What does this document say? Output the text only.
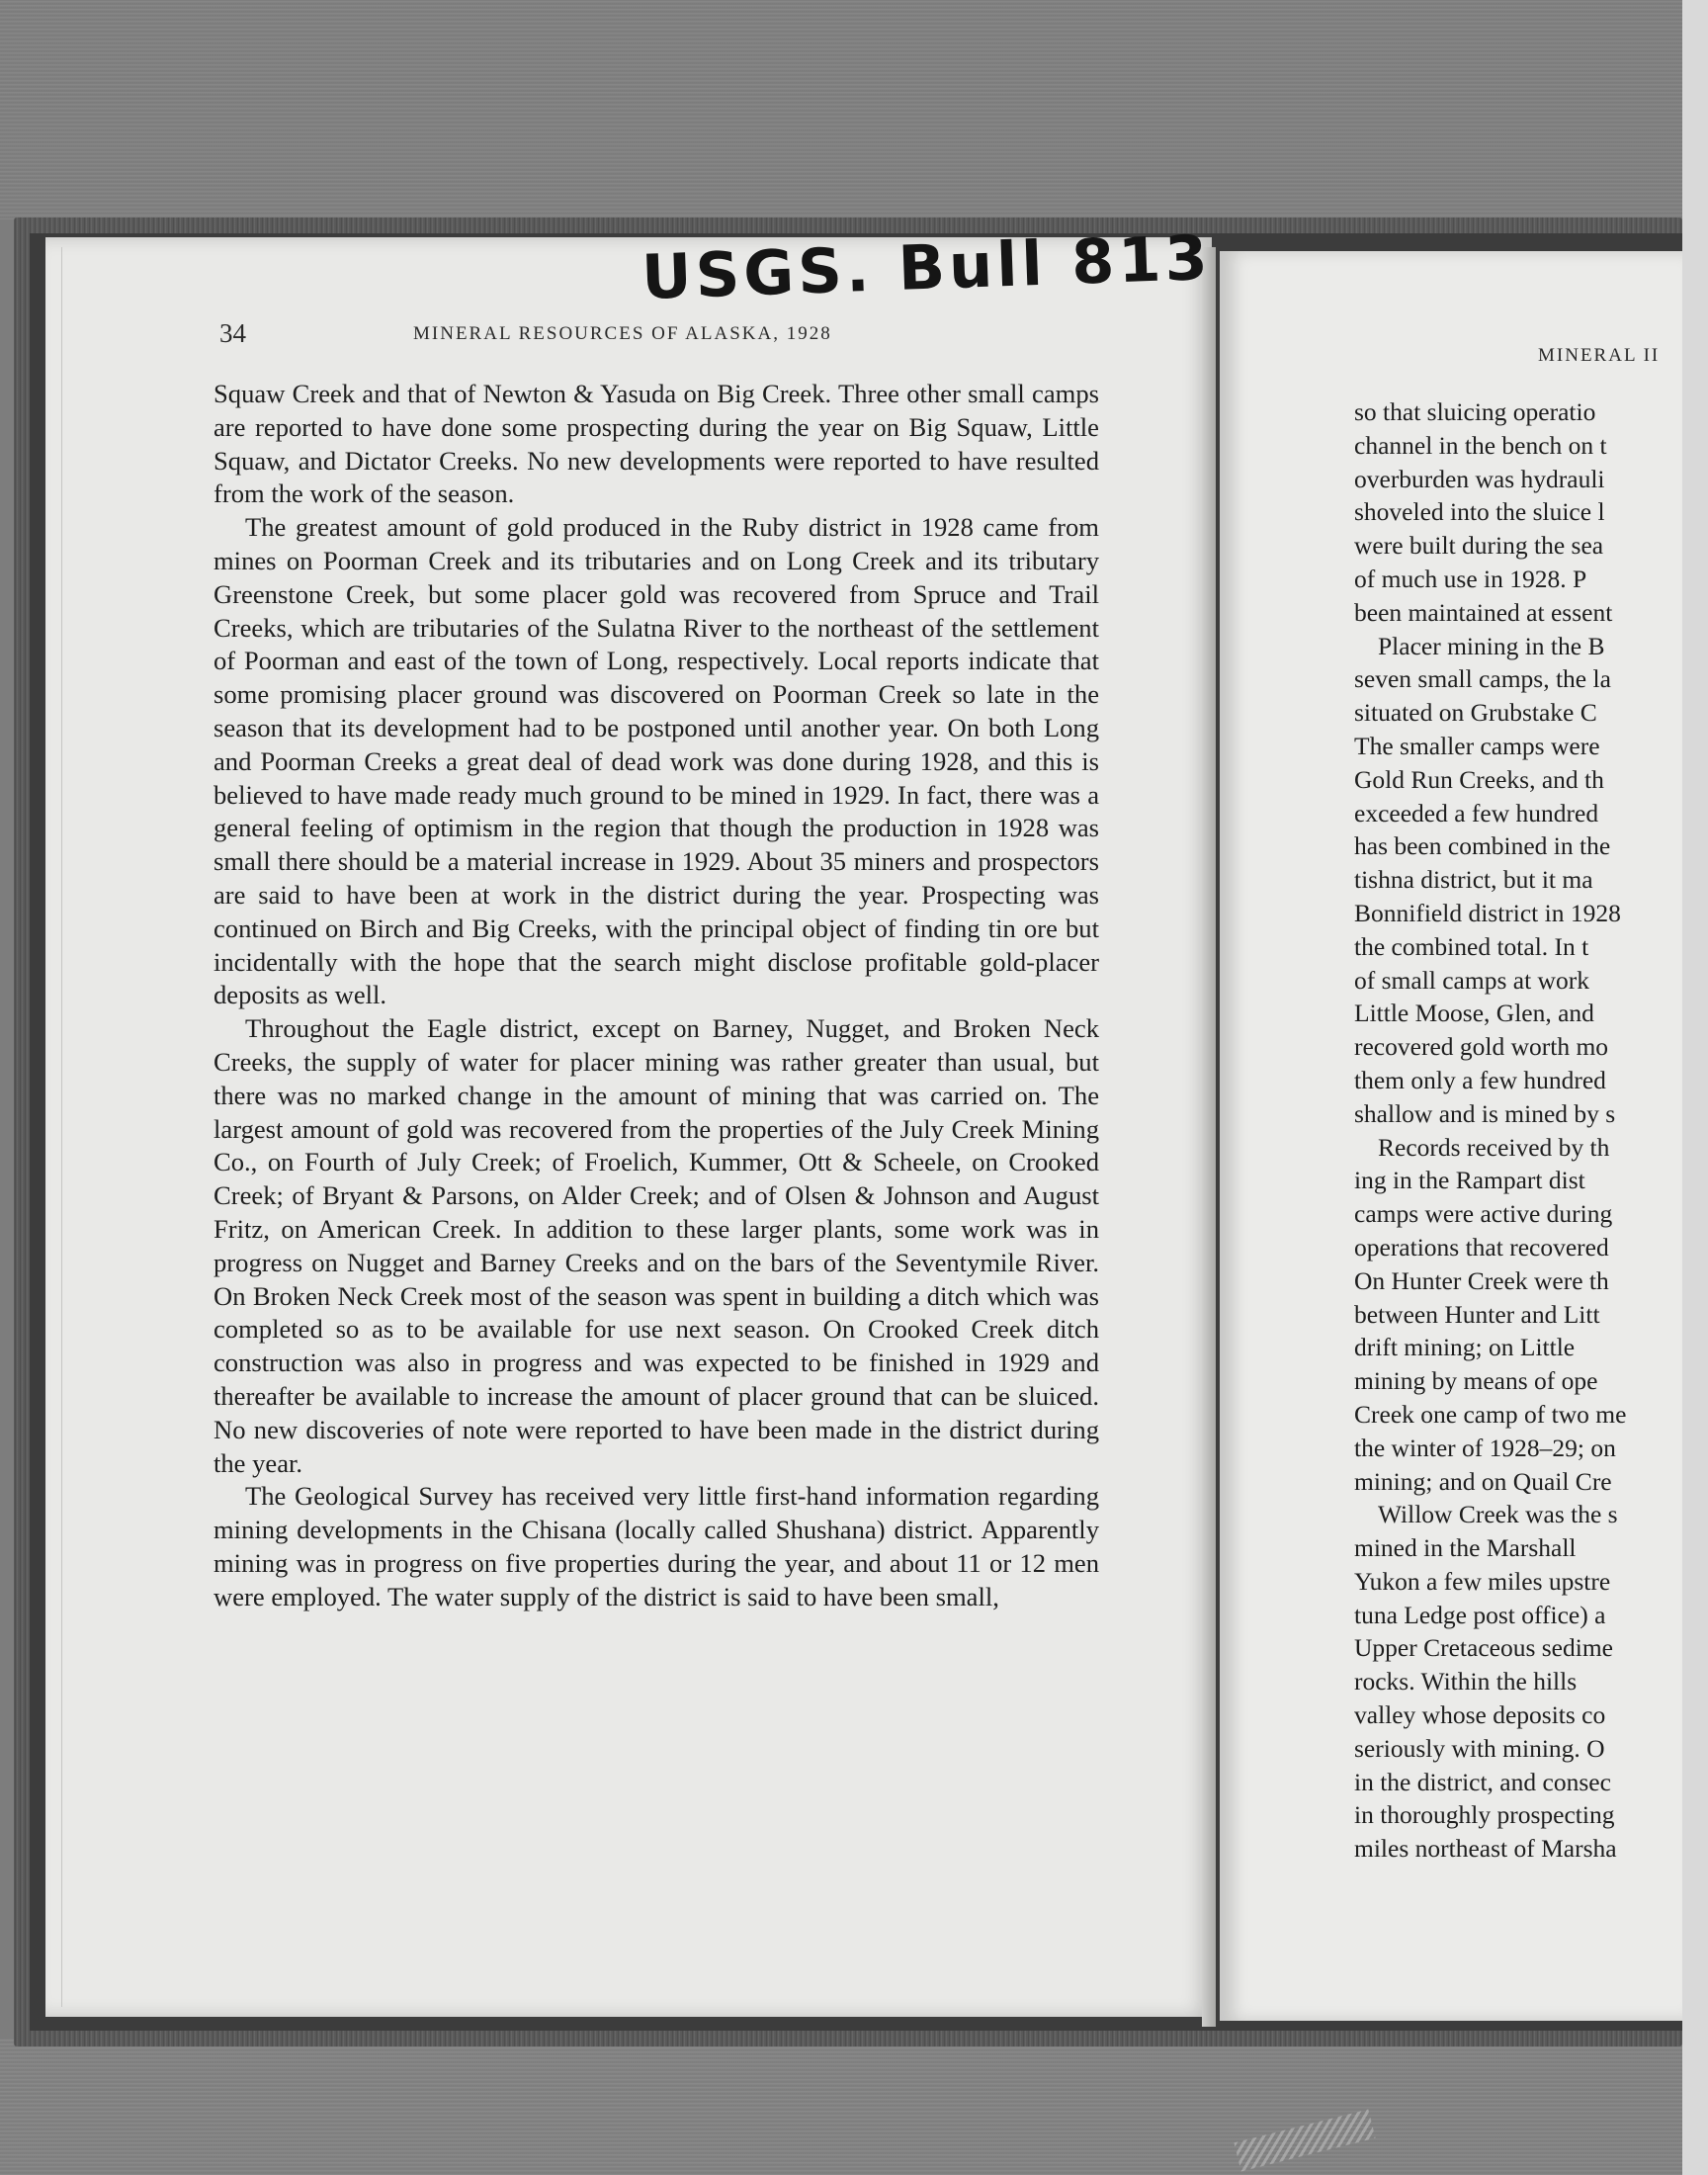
USGS. Bull 813
34	MINERAL RESOURCES OF ALASKA, 1928

Squaw Creek and that of Newton & Yasuda on Big Creek. Three other small camps are reported to have done some prospecting during the year on Big Squaw, Little Squaw, and Dictator Creeks. No new developments were reported to have resulted from the work of the season.

The greatest amount of gold produced in the Ruby district in 1928 came from mines on Poorman Creek and its tributaries and on Long Creek and its tributary Greenstone Creek, but some placer gold was recovered from Spruce and Trail Creeks, which are tributaries of the Sulatna River to the northeast of the settlement of Poorman and east of the town of Long, respectively. Local reports indicate that some promising placer ground was discovered on Poorman Creek so late in the season that its development had to be postponed until another year. On both Long and Poorman Creeks a great deal of dead work was done during 1928, and this is believed to have made ready much ground to be mined in 1929. In fact, there was a general feeling of optimism in the region that though the production in 1928 was small there should be a material increase in 1929. About 35 miners and prospectors are said to have been at work in the district during the year. Prospecting was continued on Birch and Big Creeks, with the principal object of finding tin ore but incidentally with the hope that the search might disclose profitable gold-placer deposits as well.

Throughout the Eagle district, except on Barney, Nugget, and Broken Neck Creeks, the supply of water for placer mining was rather greater than usual, but there was no marked change in the amount of mining that was carried on. The largest amount of gold was recovered from the properties of the July Creek Mining Co., on Fourth of July Creek; of Froelich, Kummer, Ott & Scheele, on Crooked Creek; of Bryant & Parsons, on Alder Creek; and of Olsen & Johnson and August Fritz, on American Creek. In addition to these larger plants, some work was in progress on Nugget and Barney Creeks and on the bars of the Seventymile River. On Broken Neck Creek most of the season was spent in building a ditch which was completed so as to be available for use next season. On Crooked Creek ditch construction was also in progress and was expected to be finished in 1929 and thereafter be available to increase the amount of placer ground that can be sluiced. No new discoveries of note were reported to have been made in the district during the year.

The Geological Survey has received very little first-hand information regarding mining developments in the Chisana (locally called Shushana) district. Apparently mining was in progress on five properties during the year, and about 11 or 12 men were employed. The water supply of the district is said to have been small,

MINERAL II
so that sluicing operatio
channel in the bench on t
overburden was hydrauli
shoveled into the sluice l
were built during the sea
of much use in 1928. P
been maintained at essent
Placer mining in the B
seven small camps, the la
situated on Grubstake C
The smaller camps were
Gold Run Creeks, and th
exceeded a few hundred
has been combined in the
tishna district, but it ma
Bonnifield district in 1928
the combined total. In t
of small camps at work
Little Moose, Glen, and
recovered gold worth mo
them only a few hundred
shallow and is mined by s
Records received by th
ing in the Rampart dist
camps were active during
operations that recovered
On Hunter Creek were th
between Hunter and Litt
drift mining; on Little
mining by means of ope
Creek one camp of two me
the winter of 1928–29; on
mining; and on Quail Cre
Willow Creek was the s
mined in the Marshall
Yukon a few miles upstre
tuna Ledge post office) a
Upper Cretaceous sedime
rocks. Within the hills
valley whose deposits co
seriously with mining. O
in the district, and consec
in thoroughly prospecting
miles northeast of Marsha
